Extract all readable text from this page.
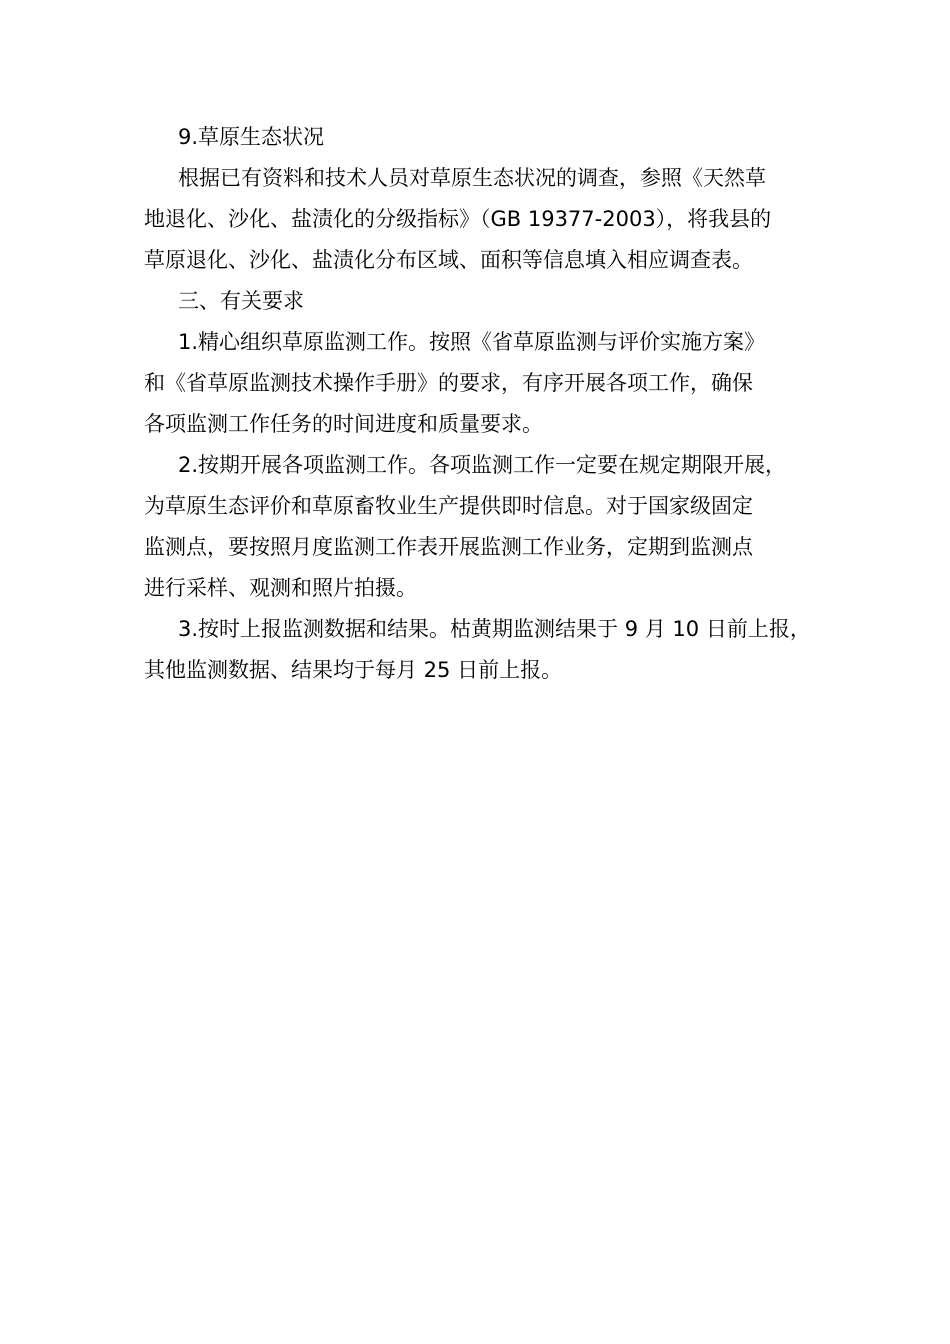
9.草原生态状况
根据已有资料和技术人员对草原生态状况的调查，参照《天然草
地退化、沙化、盐渍化的分级指标》（GB 19377-2003），将我县的
草原退化、沙化、盐渍化分布区域、面积等信息填入相应调查表。
三、有关要求
1.精心组织草原监测工作。按照《省草原监测与评价实施方案》
和《省草原监测技术操作手册》的要求，有序开展各项工作，确保
各项监测工作任务的时间进度和质量要求。
2.按期开展各项监测工作。各项监测工作一定要在规定期限开展，
为草原生态评价和草原畜牧业生产提供即时信息。对于国家级固定
监测点，要按照月度监测工作表开展监测工作业务，定期到监测点
进行采样、观测和照片拍摄。
3.按时上报监测数据和结果。枯黄期监测结果于 9 月 10 日前上报，
其他监测数据、结果均于每月 25 日前上报。
